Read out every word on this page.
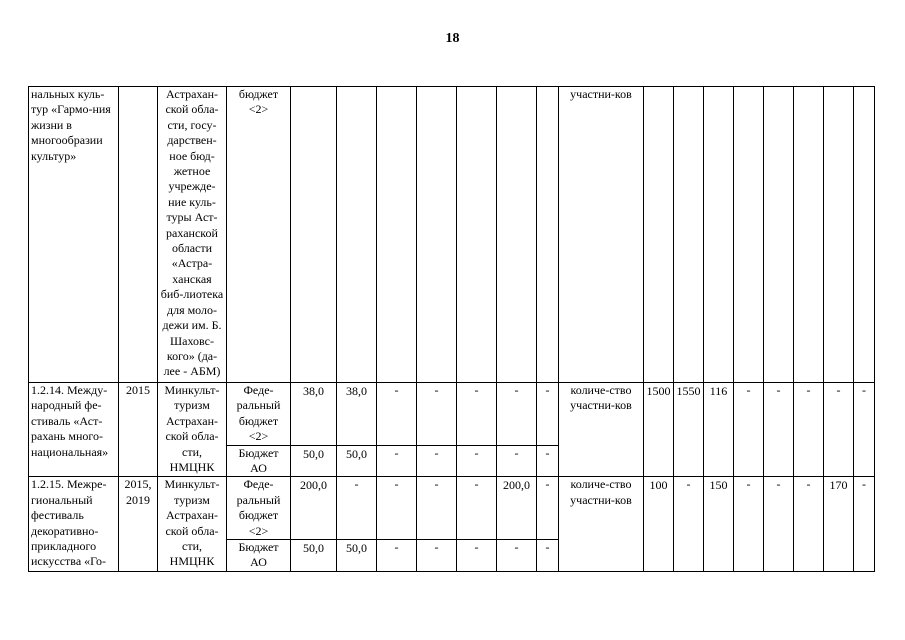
18
нальных куль-тур «Гармо-ния жизни в многообразии культур»		Астрахан-ской обла-сти, госу-дарствен-ное бюд-жетное учрежде-ние куль-туры Аст-раханской области «Астра-ханская биб-лиотека для моло-дежи им. Б. Шаховс-кого» (да-лее - АБМ)	бюджет <2>								участни-ков								
1.2.14. Между-народный фе-стиваль «Аст-рахань много-национальная»	2015	Минкульт-туризм Астрахан-ской обла-сти, НМЦНК	Феде-ральный бюджет <2>	38,0	38,0	-	-	-	-	-	количе-ство участни-ков	1500	1550	116	-	-	-	-	-
			Бюджет АО	50,0	50,0	-	-	-	-	-									
1.2.15. Межре-гиональный фестиваль декоративно-прикладного искусства «Го-	2015, 2019	Минкульт-туризм Астрахан-ской обла-сти, НМЦНК	Феде-ральный бюджет <2>	200,0	-	-	-	-	200,0	-	количе-ство участни-ков	100	-	150	-	-	-	170	-
			Бюджет АО	50,0	50,0	-	-	-	-	-									
